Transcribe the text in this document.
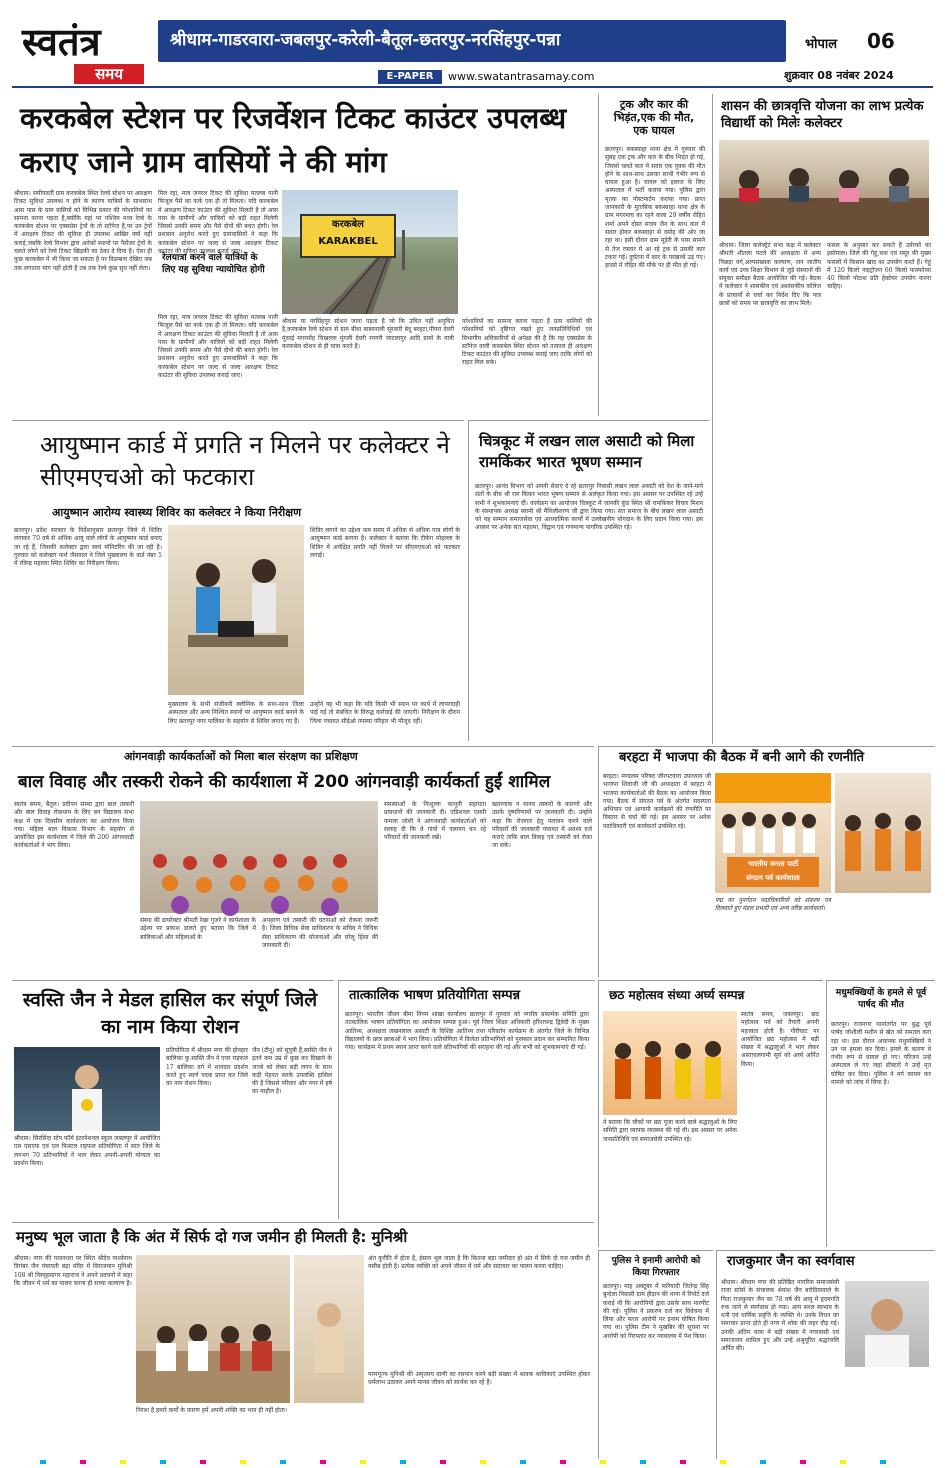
स्वतंत्र
समय
श्रीधाम-गाडरवारा-जबलपुर-करेली-बैतूल-छतरपुर-नरसिंहपुर-पन्ना	भोपाल 06
E-PAPER	www.swatantrasamay.com	शुक्रवार 08 नवंबर 2024
करकबेल स्टेशन पर रिजर्वेशन टिकट काउंटर उपलब्ध कराए जाने ग्राम वासियों ने की मांग
श्रीधाम। समीपवर्ती ग्राम करकबेल स्थित रेलवे स्टेशन पर आरक्षण टिकट सुविधा उपलब्ध न होने के कारण यात्रियों के साथसाथ आस पास के ग्राम वासियों को विभिन्न प्रकार की परेशानियों का सामना करना पड़ता है,क्योंकि यहां पर पश्चिम मध्य रेल्वे के करकबेल स्टेशन पर एक्सप्रेस ट्रेनों के तो स्टॉपेज हैं,पर उन ट्रेनों में आरक्षण टिकट की सुविधा ही उपलब्ध आखिर क्यों नहीं कराई,जबकि रेल्वे विभाग द्वारा अनेकों स्थानों पर पैसेंजर ट्रेनों के चलते लोगों को रेल्वे टिकट खिड़की का ठेका दे दिया है। ऐसा ही कुछ करकबेल में भी किया जा सकता है पर विडम्बना देखिए जब तक लगातार मांग नहीं होती है तब तक रेल्वे कुछ सुध नहीं लेता।
मिल रहा, मात्र जनरल टिकट की सुविधा मतलब पानी फिजूल पैसे का फर्क एक ही तो मिलता। यदि करकबेल में आरक्षण टिकट काउंटर की सुविधा मिलती है तो आस पास के ग्रामीणों और यात्रियों को बड़ी राहत मिलेगी जिससे उनकी समय और पैसे दोनों की बचत होगी। रेल प्रशासन अनुरोध करते हुए ग्रामवासियों ने कहा कि करकबेल स्टेशन पर जल्द से जल्द आरक्षण टिकट काउंटर की सुविधा उपलब्ध कराई जाए।
रेलयात्रा करने वाले यात्रियों के लिए यह सुविधा न्यायोचित होगी
मिल रहा, मात्र जनरल टिकट की सुविधा मतलब पानी फिजूल पैसे का फर्क एक ही तो मिलता। यदि करकबेल में आरक्षण टिकट काउंटर की सुविधा मिलती है तो आस पास के ग्रामीणों और यात्रियों को बड़ी राहत मिलेगी जिससे उनकी समय और पैसे दोनों की बचत होगी। रेल प्रशासन अनुरोध करते हुए ग्रामवासियों ने कहा कि करकबेल स्टेशन पर जल्द से जल्द आरक्षण टिकट काउंटर की सुविधा उपलब्ध कराई जाए।
करकबेल
KARAKBEL
श्रीधाम या नरसिंहपुर स्टेशन जाना पड़ता है जो कि उचित नहीं अनुचित है,करकबेल रेल्वे स्टेशन से ग्राम बीधा बाबरनाली सूरवारी बेदू बरहटा,पीपरा देवरी मुंदरई मगरमोंह चिखल्ला मुंगली देवरी रमगरी जाटलापुर आदि ग्रामों के यात्री करकबेल स्टेशन से ही यात्रा करते हैं।
परेशानियों का सामना करना पड़ता है ग्राम वासियों की परेशानियों को दृष्टिगत रखते हुए जनप्रतिनिधियों एवं विभागीय अधिकारियों से अपेक्षा की है कि यह एक्सप्रेस के स्टॉपेज वाली करकबेल स्थित स्टेशन को तत्काल ही आरक्षण टिकट काउंटर की सुविधा उपलब्ध कराई जाए ताकि लोगों को राहत मिल सके।
ट्रक और कार की भिड़ंत,एक की मौत, एक घायल
छतरपुर। बकस्वाहा थाना क्षेत्र में गुरुवार की सुबह एक ट्रक और कार के बीच भिड़ंत हो गई, जिससे चलते कार में सवार एक युवक की मौत होने के साथ-साथ उसका साथी गंभीर रूप से घायल हुआ है। घायल को इलाज के लिए अस्पताल में भर्ती कराया गया। पुलिस द्वारा मृतक का पोस्टमार्टम कराया गया। प्राप्त जानकारी के मुताबिक बकस्वाहा थाना क्षेत्र के ग्राम मगरमाघ का रहने वाला 29 वर्षीय रोहित शर्मा अपने दोस्त सजय जैन के साथ कार में सवार होकर बकस्वाहा से दमोह की ओर जा रहा था। इसी दौरान ग्राम मुड़ेरी के पास सामने से तेज रफ्तार में आ रहे ट्रक से उसकी कार टकरा गई। दुर्घटना में कार के परखच्चे उड़ गए। हादसे में रोहित की मौके पर ही मौत हो गई।
शासन की छात्रवृत्ति योजना का लाभ प्रत्येक विद्यार्थी को मिलेः कलेक्टर
श्रीधाम। जिला कलेक्ट्रेट सभा कक्ष में कलेक्टर श्रीमती शीतला पटले की अध्यक्षता में अन्य पिछड़ा वर्ग,अल्पसंख्यक कल्याण, जन जातीय कार्य एवं उच्च शिक्षा विभाग से जुड़े संस्थानों की संयुक्त समीक्षा बैठक आयोजित की गई। बैठक में कलेक्टर ने शासकीय एवं अशासकीय कॉलेज के प्राचार्यों से चर्चा कर निर्देश दिए कि पात्र छात्रों को समय पर छात्रवृत्ति का लाभ मिले।
फसल के अनुसार कर सकते हैं उर्वरकों का इस्तेमाल। जिले की गेहूं,चना एवं मसूर की मुख्य फसलों में किसान खाद का उपयोग करते हैं। गेहूं में 120 किलो नाइट्रोजन 60 किलो फास्फोरस 40 किलो पोटाश प्रति हेक्टेयर उपयोग करना चाहिए।
आयुष्मान कार्ड में प्रगति न मिलने पर कलेक्टर ने सीएमएचओ को फटकारा
आयुष्मान आरोग्य स्वास्थ्य शिविर का कलेक्टर ने किया निरीक्षण
छतरपुर। प्रदेश सरकार के निर्देशानुसार छतरपुर जिले में शिविर लगाकर 70 वर्ष से अधिक आयु वाले लोगों के आयुष्मान कार्ड बनाए जा रहे हैं, जिसकी कलेक्टर द्वारा स्वयं मॉनिटरिंग की जा रही है। गुरुवार को कलेक्टर पार्थ जैसवाल ने जिले मुख्यालय के वार्ड नंबर 5 में रविन्द्र महल्ला स्थित शिविर का निरीक्षण किया।
शिविर लगाने का उद्देश्य कम समय में अधिक से अधिक पात्र लोगों के आयुष्मान कार्ड बनाना है। कलेक्टर ने बताया कि टीकेग मोहल्ला के शिविर में अपेक्षित प्रगति नहीं मिलने पर सीएमएचओ को फटकार लगाई।
मुख्यालय के सभी संजीवनी क्लीनिक के साथ-साथ जिला अस्पताल और अन्य निश्चित स्थानों पर आयुष्मान कार्ड बनाने के लिए छतरपुर नगर पालिका के सहयोग से शिविर लगाए गए हैं।
उन्होंने यह भी कहा कि यदि किसी भी स्थान पर कार्य में लापरवाही पाई गई तो संबंधित के विरुद्ध कार्रवाई की जाएगी। निरीक्षण के दौरान जिला पंचायत सीईओ तपस्या परिहार भी मौजूद रहीं।
चित्रकूट में लखन लाल असाटी को मिला रामकिंकर भारत भूषण सम्मान
छतरपुर। आनंद विभाग को अपनी सेवाएं दे रहे छतरपुर निवासी लखन लाल असाटी को देश के जाने-माने संतों के बीच श्री राम किंकर भारत भूषण सम्मान से अलंकृत किया गया। इस अवसर पर उपस्थित रहे उन्हें सभी ने शुभकामनाएं दीं। कार्यक्रम का आयोजन चित्रकूट में जानकी कुंड स्थित श्री रामकिंकर विचार मिशन के संस्थापक अध्यक्ष स्वामी श्री मैथिलीशरण जी द्वारा किया गया। संत समाज के बीच लखन लाल असाटी को यह सम्मान समाजसेवा एवं आध्यात्मिक कार्यों में उल्लेखनीय योगदान के लिए प्रदान किया गया। इस अवसर पर अनेक संत महात्मा, विद्वान एवं गणमान्य नागरिक उपस्थित रहे।
आंगनवाड़ी कार्यकर्ताओं को मिला बाल संरक्षण का प्रशिक्षण
बाल विवाह और तस्करी रोकने की कार्यशाला में 200 आंगनवाड़ी कार्यकर्ता हुईं शामिल
स्वतंत्र समय, बैतूल। प्रदीपन संस्था द्वारा बाल तस्करी और बाल विवाह रोकथाम के लिए बन विद्यालय सभा कक्ष में एक दिवसीय कार्यशाला का आयोजन किया गया। महिला बाल विकास विभाग के सहयोग से आयोजित इस कार्यशाला में जिले की 200 आंगनवाड़ी कार्यकर्ताओं ने भाग लिया।
संस्था की डायरेक्टर श्रीमती रेखा गुजरे ने कार्यशाला के उद्देश्य पर प्रकाश डालते हुए बताया कि जिले में बालिकाओं और महिलाओं के
अपहरण एवं तस्करी की घटनाओं को रोकना जरूरी है। जिला विधिक सेवा प्राधिकरण के सचिव ने विधिक सेवा प्राधिकरण की योजनाओं और घरेलू हिंसा की जानकारी दी।
समस्याओं के निःशुल्क कानूनी सहायता प्रावधानों की जानकारी दी। एडिशनल एसपी कमला जोशी ने आंगनवाड़ी कार्यकर्ताओं को सलाह दी कि वे गांवों में पलायन कर रहे परिवारों की जानकारी रखें।
खतरनाक न मानव तस्करों के कारणों और उसके दुष्परिणामों पर जानकारी दी। उन्होंने कहा कि रोजगार हेतु पलायन करने वाले परिवारों की जानकारी पंचायत में अवश्य दर्ज कराएं ताकि बाल विवाह एवं तस्करी को रोका जा सके।
बरहटा में भाजपा की बैठक में बनी आगे की रणनीति
बरहटा। मण्डलम परिषद जीरपटवारा उपाध्याय जी भाजपा शिवाजी जी की अध्यक्षता में बरहटा में भाजपा कार्यकर्ताओं की बैठक का आयोजन किया गया। बैठक में संगठन पर्व के अंतर्गत सदस्यता अभियान एवं आगामी कार्यक्रमों की रणनीति पर विस्तार से चर्चा की गई। इस अवसर पर अनेक पदाधिकारी एवं कार्यकर्ता उपस्थित रहे।
भारतीय जनता पार्टी
संगठन पर्व कार्यशाला
पद्म का पुनर्गठन पदाधिकारियों को संकल्प पत्र दिलवाते हुए मंडल प्रभारी एवं अन्य वरिष्ठ कार्यकर्ता।
स्वस्ति जैन ने मेडल हासिल कर संपूर्ण जिले का नाम किया रोशन
श्रीधाम। सिरसिंदा स्टेप फॉर्म इंटरनेशनल स्कूल जबलपुर में आयोजित एस एसएफ एवं एल फिस्टल राइफल प्रतियोगिता में सात जिले के लगभग 70 प्रतिभागियों ने भाग लेकर अपनी-अपनी योग्यता का प्रदर्शन किया।
प्रतियोगिता में श्रीधाम नगर की होनहार बालिका कु.स्वस्ति जैन ने एयर राइफल 17 बालिका वर्ग में शानदार प्रदर्शन करते हुए स्वर्ण पदक प्राप्त कर जिले का नाम रोशन किया।
जैन (टीनू) को सुपुत्री हैं,स्वस्ति जैन ने इतने कम उम्र में कुछ कर दिखाने के जज्बे को लेकर बड़ी लगन के साथ कड़ी मेहनत करके उपलब्धि हासिल की है जिससे परिवार और नगर में हर्ष का माहौल है।
तात्कालिक भाषण प्रतियोगिता सम्पन्न
छतरपुर। भारतीय जीवन बीमा निगम शाखा कार्यालय छतरपुर में गुरुवार को नगरीय प्रकार्मक समिति द्वारा तात्कालिक भाषण प्रतियोगिता का आयोजन सम्पन्न हुआ। पूर्व जिला शिक्षा अधिकारी हरिशचन्द्र द्विवेदी के मुख्य आतिथ्य, अध्यक्षता लखनलाल असाटी के विशिष्ट आतिथ्य तथा परिवर्तन कार्यक्रम के अंतर्गत जिले के विभिन्न विद्यालयों के छात्र छात्राओं ने भाग लिया। प्रतियोगिता में विजेता प्रतिभागियों को पुरस्कार प्रदान कर सम्मानित किया गया। कार्यक्रम में प्रथम स्थान प्राप्त करने वाले प्रतिभागियों की सराहना की गई और सभी को शुभकामनाएं दी गईं।
छठ महोत्सव संध्या अर्घ्य सम्पन्न
स्वतंत्र समय, जबलपुर। छठ महोत्सव पर्व को तैयारी अपनी महत्त्वता होती है। गौरीघाट पर आयोजित छठ महोत्सव में बड़ी संख्या में श्रद्धालुओं ने भाग लेकर अस्ताचलगामी सूर्य को अर्घ्य अर्पित किया।
ने बताया कि चौकों पर छठ पूजा करने वाले श्रद्धालुओं के लिए समिति द्वारा व्यापक व्यवस्था की गई थी। इस अवसर पर अनेक जनप्रतिनिधि एवं समाजसेवी उपस्थित रहे।
मधुमक्खियों के हमले से पूर्व पार्षद की मौत
छतरपुर। राजनगर थानांतर्गत पर बुद्ध पूर्व पार्षद जोशीली मशीन से खेत को समतल करा रहा था। इस दौरान अचानक मधुमक्खियों ने उन पर हमला कर दिया। हमले के कारण वे गंभीर रूप से घायल हो गए। परिजन उन्हें अस्पताल ले गए जहां डॉक्टरों ने उन्हें मृत घोषित कर दिया। पुलिस ने मर्ग कायम कर मामले को जांच में लिया है।
मनुष्य भूल जाता है कि अंत में सिर्फ दो गज जमीन ही मिलती है: मुनिश्री
श्रीधाम। नगर की पावनधरा पर स्थित श्रीदेव पार्श्वनाथ दिगंबर जैन पंचायती बड़ा मंदिर में विराजमान मुनिश्री 108 श्री निस्पृहसागर महाराज ने अपने प्रवचनों में कहा कि जीवन में धर्म का पालन करना ही सच्चा कल्याण है।
निराश है हमारे कर्मों के कारण हमें अपनी शक्ति का भान ही नहीं होता।
अंत कुरीति में होता है, इंसान भूल जाता है कि कितना बड़ा जमीदार हो अंत में सिर्फ दो गज जमीन ही नसीब होती है। प्रत्येक व्यक्ति को अपने जीवन में धर्म और सदाचार का पालन करना चाहिए।
परमपूज्य मुनिश्री की अमृतमय वाणी का रसपान करने बड़ी संख्या में श्रावक श्राविकाएं उपस्थित होकर धर्मलाभ उठाकर अपने मानव जीवन को सार्थक कर रहे हैं।
पुलिस ने इनामी आरोपी को किया गिरफ्तार
छतरपुर। माह अक्टूबर में फरियादी जितेन्द्र सिंह बुन्देला निवासी ग्राम हीड़ान की थाना में रिपोर्ट दर्ज कराई थी कि आरोपियों द्वारा उसके साथ मारपीट की गई। पुलिस ने प्रकरण दर्ज कर विवेचना में लिया और फरार आरोपी पर इनाम घोषित किया गया था। पुलिस टीम ने मुखबिर की सूचना पर आरोपी को गिरफ्तार कर न्यायालय में पेश किया।
राजकुमार जैन का स्वर्गवास
श्रीधाम। श्रीधाम नगर की प्रतिष्ठित नागरिक समाजसेवी राजा स्टोर्स के संचालक श्रेयांश जैन बरोदियावाले के पिता राजकुमार जैन का 78 वर्ष की आयु में हृदयगति रुक जाने से स्वर्गवास हो गया। आप सरल स्वभाव के धनी एवं धार्मिक प्रवृत्ति के व्यक्ति थे। उनके निधन का समाचार प्राप्त होते ही नगर में शोक की लहर दौड़ गई। उनकी अंतिम यात्रा में बड़ी संख्या में नगरवासी एवं समाजजन शामिल हुए और उन्हें अश्रुपूरित श्रद्धांजलि अर्पित की।
